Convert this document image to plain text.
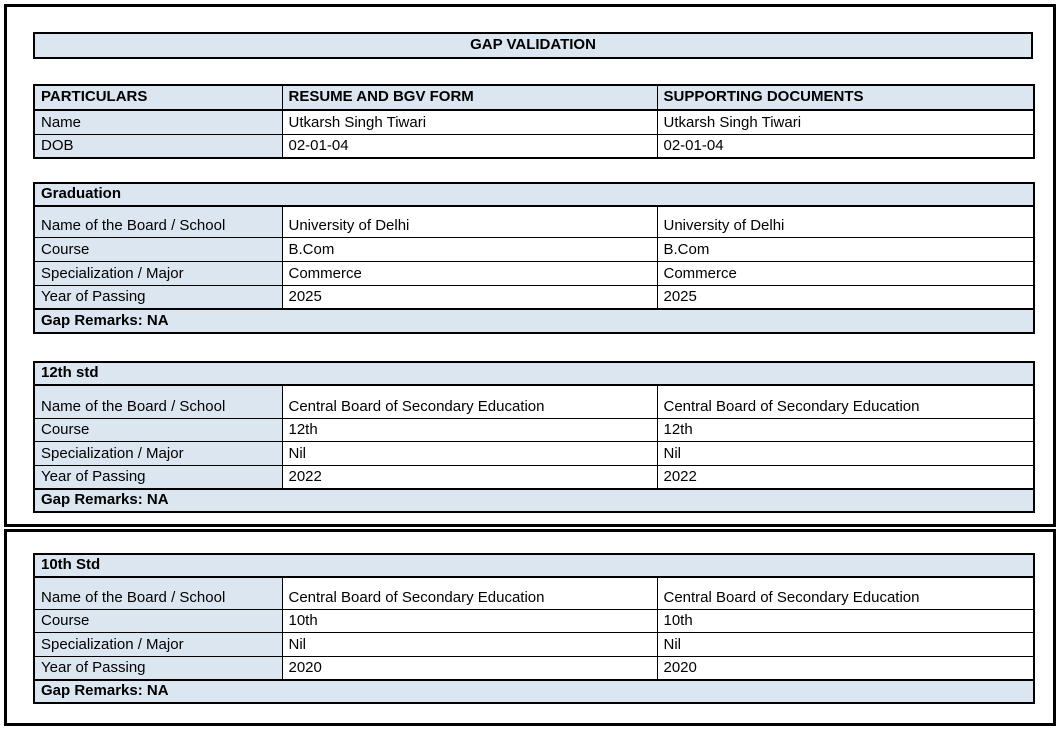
GAP VALIDATION
PARTICULARS	RESUME AND BGV FORM	SUPPORTING DOCUMENTS
Name	Utkarsh Singh Tiwari	Utkarsh Singh Tiwari
DOB	02-01-04	02-01-04
Graduation		
Name of the Board / School	University of Delhi	University of Delhi
Course	B.Com	B.Com
Specialization / Major	Commerce	Commerce
Year of Passing	2025	2025
Gap Remarks: NA		
12th std		
Name of the Board / School	Central Board of Secondary Education	Central Board of Secondary Education
Course	12th	12th
Specialization / Major	Nil	Nil
Year of Passing	2022	2022
Gap Remarks: NA		
10th Std		
Name of the Board / School	Central Board of Secondary Education	Central Board of Secondary Education
Course	10th	10th
Specialization / Major	Nil	Nil
Year of Passing	2020	2020
Gap Remarks: NA		
